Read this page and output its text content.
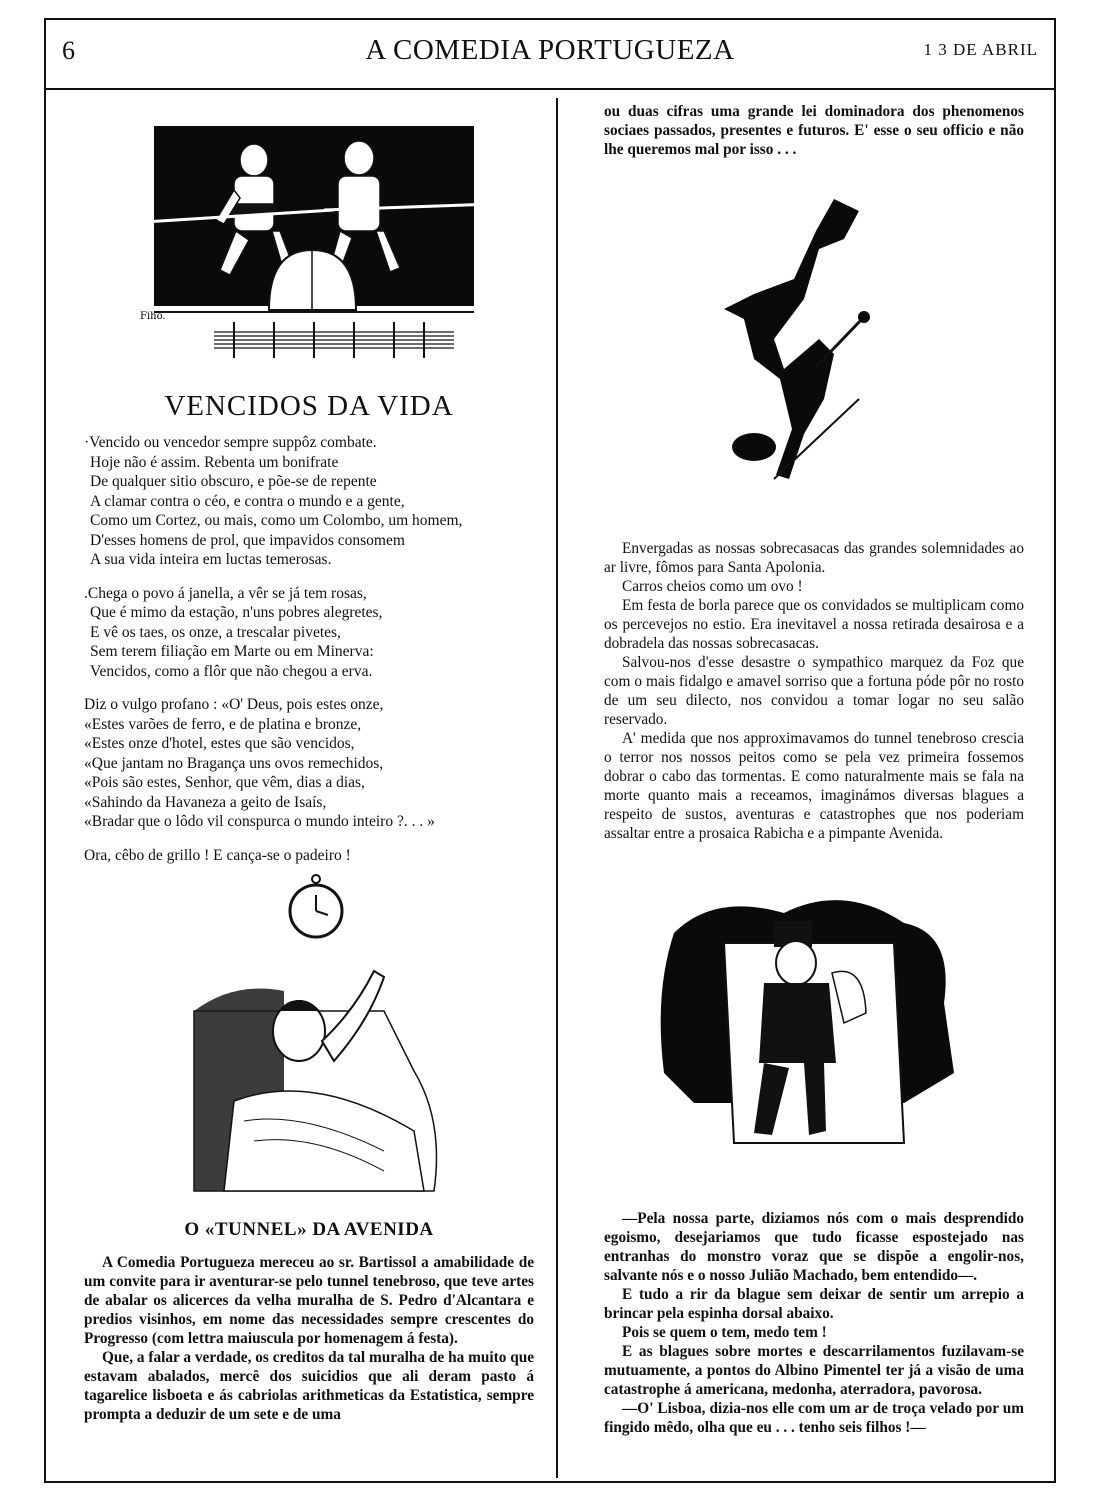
6	A COMEDIA PORTUGUEZA	1 3 DE ABRIL
Fiho.
VENCIDOS DA VIDA
·Vencido ou vencedor sempre suppôz combate.
Hoje não é assim. Rebenta um bonifrate
De qualquer sitio obscuro, e põe-se de repente
A clamar contra o céo, e contra o mundo e a gente,
Como um Cortez, ou mais, como um Colombo, um homem,
D'esses homens de prol, que impavidos consomem
A sua vida inteira em luctas temerosas.
.Chega o povo á janella, a vêr se já tem rosas,
Que é mimo da estação, n'uns pobres alegretes,
E vê os taes, os onze, a trescalar pivetes,
Sem terem filiação em Marte ou em Minerva:
Vencidos, como a flôr que não chegou a erva.
Diz o vulgo profano : «O' Deus, pois estes onze,
«Estes varões de ferro, e de platina e bronze,
«Estes onze d'hotel, estes que são vencidos,
«Que jantam no Bragança uns ovos remechidos,
«Pois são estes, Senhor, que vêm, dias a dias,
«Sahindo da Havaneza a geito de Isaís,
«Bradar que o lôdo vil conspurca o mundo inteiro ?. . . »
Ora, cêbo de grillo ! E cança-se o padeiro !
O «TUNNEL» DA AVENIDA

A Comedia Portugueza mereceu ao sr. Bartissol a amabilidade de um convite para ir aventurar-se pelo tunnel tenebroso, que teve artes de abalar os alicerces da velha muralha de S. Pedro d'Alcantara e predios visinhos, em nome das necessidades sempre crescentes do Progresso (com lettra maiuscula por homenagem á festa).

Que, a falar a verdade, os creditos da tal muralha de ha muito que estavam abalados, mercê dos suicidios que ali deram pasto á tagarelice lisboeta e ás cabriolas arithmeticas da Estatistica, sempre prompta a deduzir de um sete e de uma

ou duas cifras uma grande lei dominadora dos phenomenos sociaes passados, presentes e futuros. E' esse o seu officio e não lhe queremos mal por isso . . .

Envergadas as nossas sobrecasacas das grandes solemnidades ao ar livre, fômos para Santa Apolonia.

Carros cheios como um ovo !

Em festa de borla parece que os convidados se multiplicam como os percevejos no estio. Era inevitavel a nossa retirada desairosa e a dobradela das nossas sobrecasacas.

Salvou-nos d'esse desastre o sympathico marquez da Foz que com o mais fidalgo e amavel sorriso que a fortuna póde pôr no rosto de um seu dilecto, nos convidou a tomar logar no seu salão reservado.

A' medida que nos approximavamos do tunnel tenebroso crescia o terror nos nossos peitos como se pela vez primeira fossemos dobrar o cabo das tormentas. E como naturalmente mais se fala na morte quanto mais a receamos, imaginámos diversas blagues a respeito de sustos, aventuras e catastrophes que nos poderiam assaltar entre a prosaica Rabicha e a pimpante Avenida.

—Pela nossa parte, diziamos nós com o mais desprendido egoismo, desejariamos que tudo ficasse espostejado nas entranhas do monstro voraz que se dispõe a engolir-nos, salvante nós e o nosso Julião Machado, bem entendido—.

E tudo a rir da blague sem deixar de sentir um arrepio a brincar pela espinha dorsal abaixo.

Pois se quem o tem, medo tem !

E as blagues sobre mortes e descarrilamentos fuzilavam-se mutuamente, a pontos do Albino Pimentel ter já a visão de uma catastrophe á americana, medonha, aterradora, pavorosa.

—O' Lisboa, dizia-nos elle com um ar de troça velado por um fingido mêdo, olha que eu . . . tenho seis filhos !—
